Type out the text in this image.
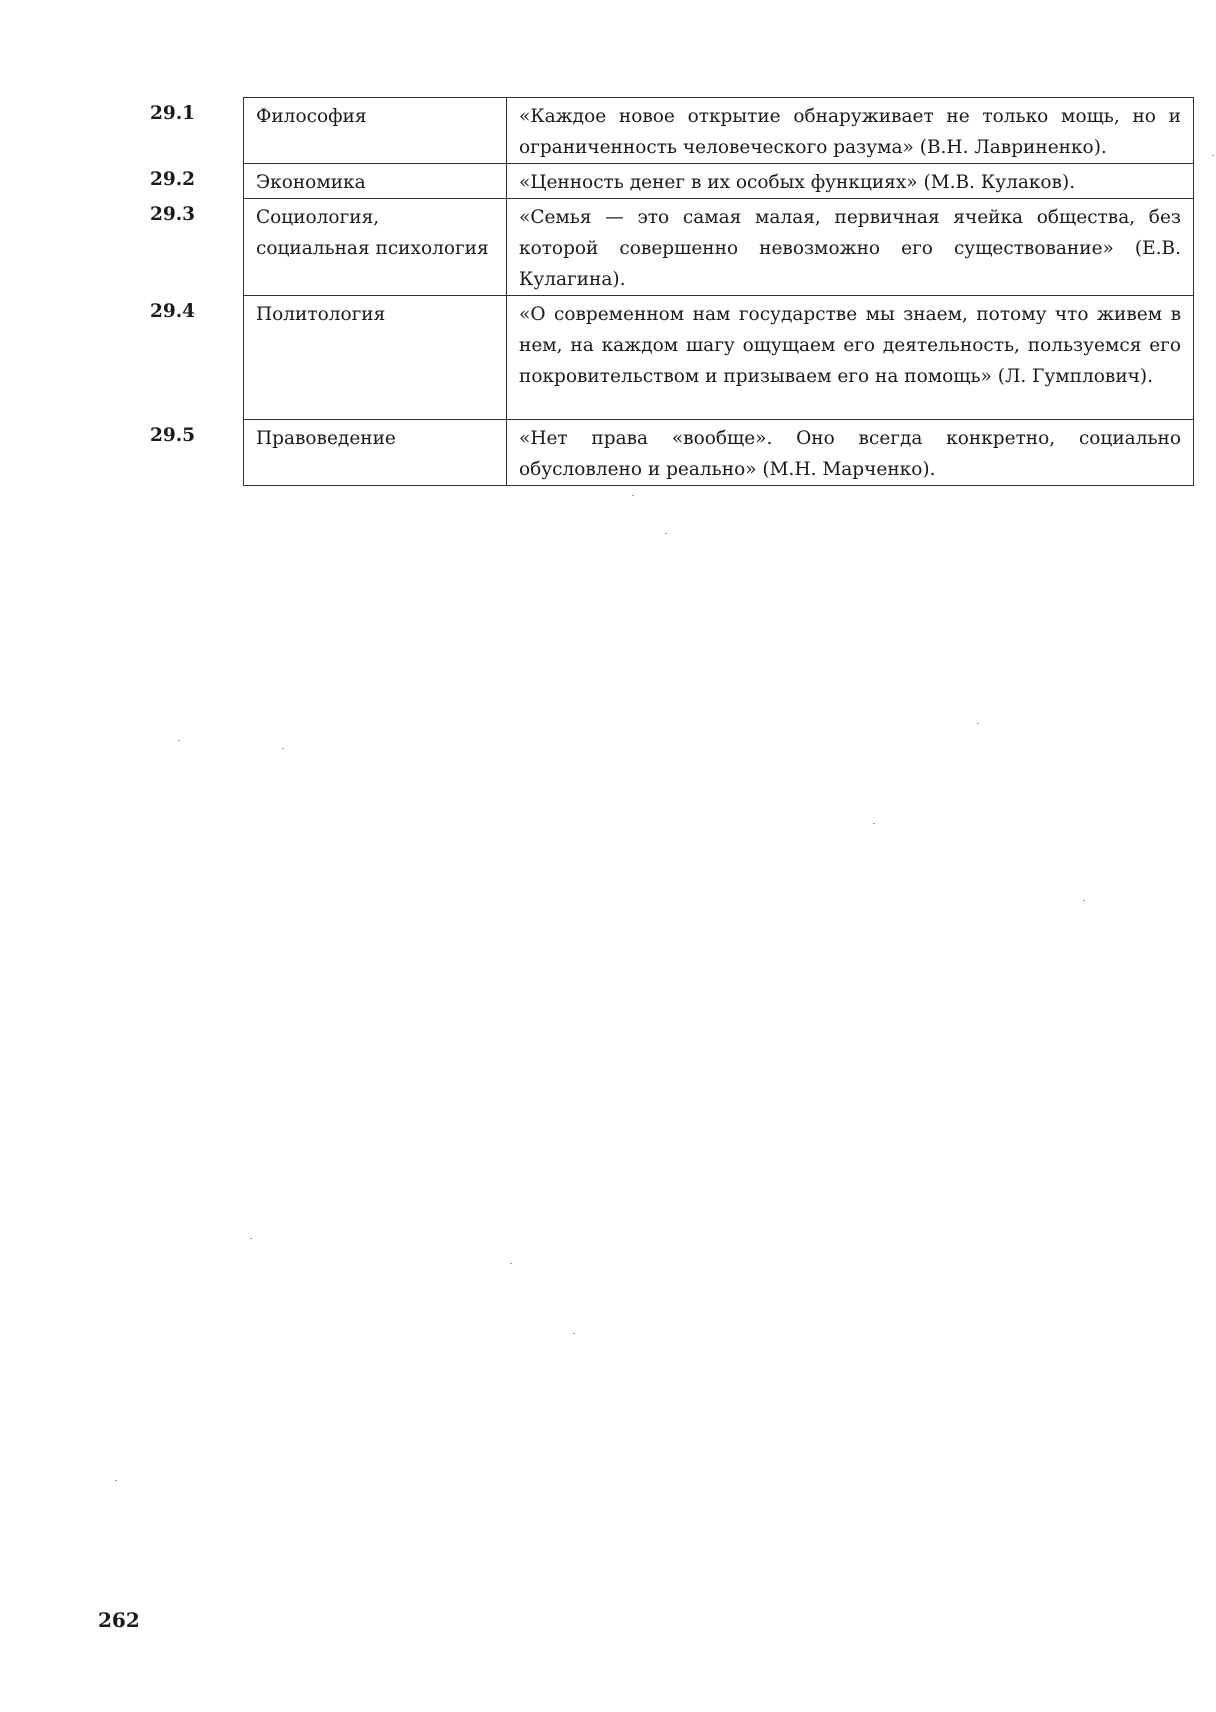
29.1	Философия	«Каждое новое открытие обнаруживает не только мощь, но и ограниченность человеческого разума» (В.Н. Лавриненко).
29.2	Экономика	«Ценность денег в их особых функциях» (М.В. Кулаков).
29.3	Социология, социальная психология	«Семья — это самая малая, первичная ячейка общества, без которой совершенно невозможно его существование» (Е.В. Кулагина).
29.4	Политология	«О современном нам государстве мы знаем, потому что живем в нем, на каждом шагу ощущаем его деятельность, пользуемся его покровительством и призываем его на помощь» (Л. Гумплович).
29.5	Правоведение	«Нет права «вообще». Оно всегда конкретно, социально обусловлено и реально» (М.Н. Марченко).
262
